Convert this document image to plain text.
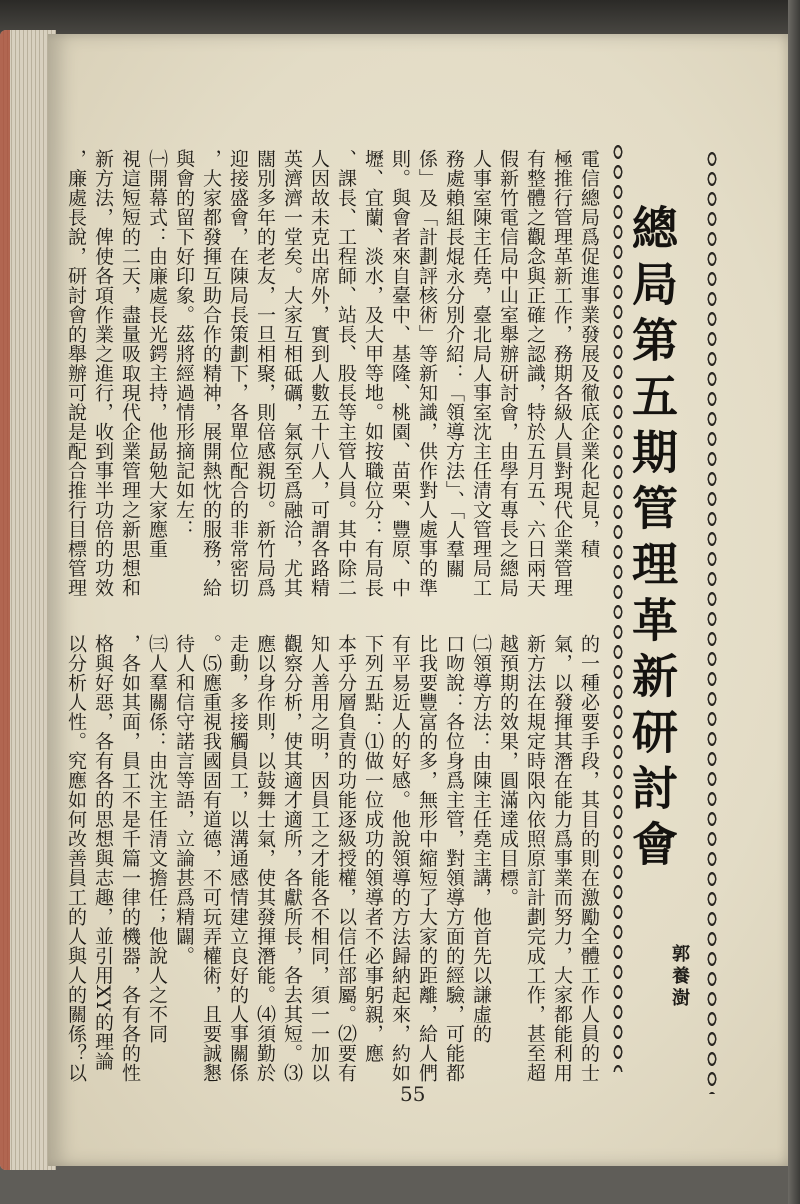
總局第五期管理革新研討會
郭養澍
電信總局爲促進事業發展及徹底企業化起見，積
極推行管理革新工作，務期各級人員對現代企業管理
有整體之觀念與正確之認識，特於五月五、六日兩天
假新竹電信局中山室舉辦研討會，由學有專長之總局
人事室陳主任堯，臺北局人事室沈主任清文管理局工
務處賴組長焜永分別介紹：「領導方法」、「人羣關
係」及「計劃評核術」等新知識，供作對人處事的準
則。與會者來自臺中、基隆、桃園、苗栗、豐原、中
壢、宜蘭、淡水，及大甲等地。如按職位分：有局長
、課長、工程師、站長、股長等主管人員。其中除二
人因故未克出席外，實到人數五十八人，可謂各路精
英濟濟一堂矣。大家互相砥礪，氣氛至爲融洽，尤其
闊別多年的老友，一旦相聚，則倍感親切。新竹局爲
迎接盛會，在陳局長策劃下，各單位配合的非常密切
，大家都發揮互助合作的精神，展開熱忱的服務，給
與會的留下好印象。茲將經過情形摘記如左：
㈠開幕式：由廉處長光鍔主持，他勗勉大家應重
視這短短的二天，盡量吸取現代企業管理之新思想和
新方法，俾使各項作業之進行，收到事半功倍的功效
，廉處長說，研討會的舉辦可說是配合推行目標管理
的一種必要手段，其目的則在激勵全體工作人員的士
氣，以發揮其潛在能力爲事業而努力，大家都能利用
新方法在規定時限內依照原訂計劃完成工作，甚至超
越預期的效果，圓滿達成目標。
㈡領導方法：由陳主任堯主講，他首先以謙虛的
口吻說：各位身爲主管，對領導方面的經驗，可能都
比我要豐富的多，無形中縮短了大家的距離，給人們
有平易近人的好感。他說領導的方法歸納起來，約如
下列五點：⑴做一位成功的領導者不必事躬親，應
本乎分層負責的功能逐級授權，以信任部屬。⑵要有
知人善用之明，因員工之才能各不相同，須一一加以
觀察分析，使其適才適所，各獻所長，各去其短。⑶
應以身作則，以鼓舞士氣，使其發揮潛能。⑷須勤於
走動，多接觸員工，以溝通感情建立良好的人事關係
。⑸應重視我國固有道德，不可玩弄權術，且要誠懇
待人和信守諾言等語，立論甚爲精闢。
㈢人羣關係：由沈主任清文擔任；他說人之不同
，各如其面，員工不是千篇一律的機器，各有各的性
格與好惡，各有各的思想與志趣，並引用XY的理論
以分析人性。究應如何改善員工的人與人的關係？以
55
